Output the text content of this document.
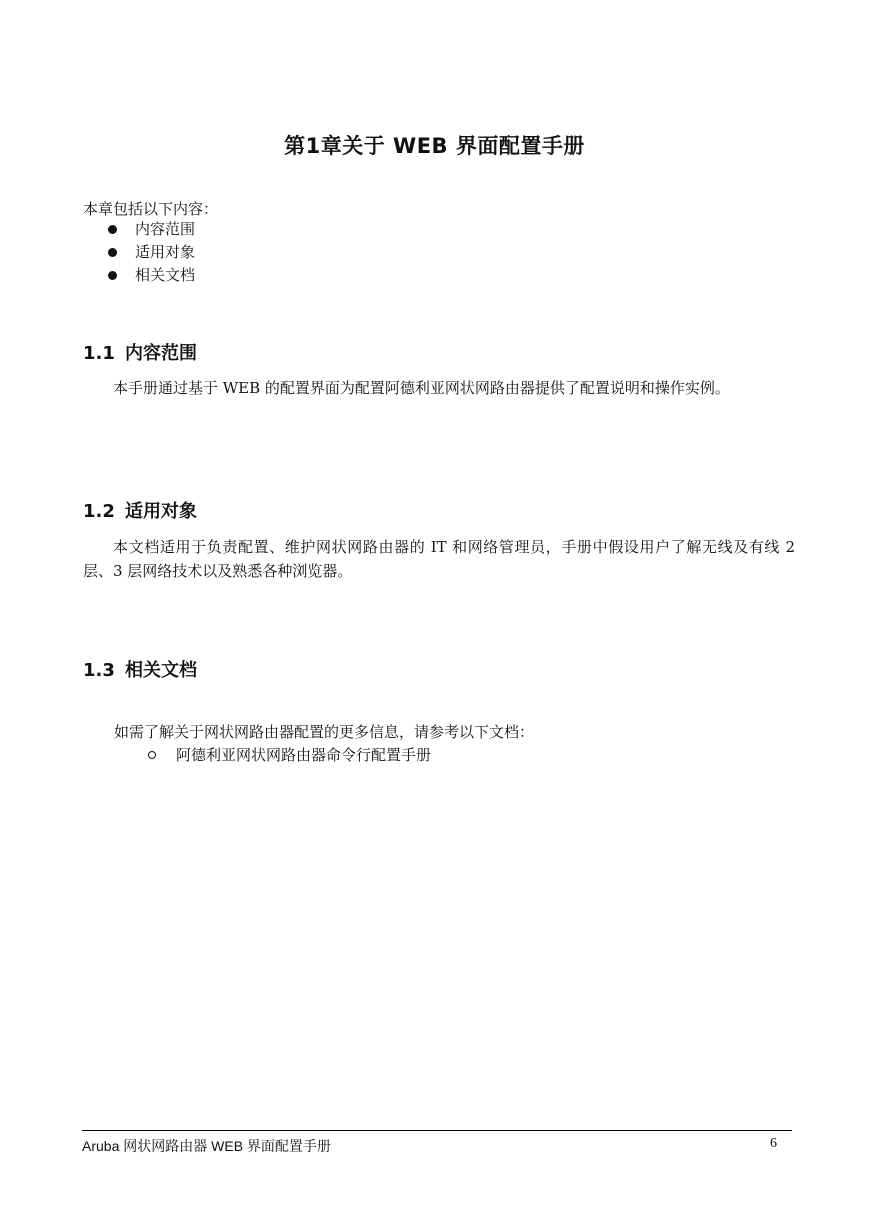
第1章关于 WEB 界面配置手册

本章包括以下内容：

内容范围
适用对象
相关文档
1.1 内容范围

本手册通过基于 WEB 的配置界面为配置阿德利亚网状网路由器提供了配置说明和操作实例。

1.2 适用对象

本文档适用于负责配置、维护网状网路由器的 IT 和网络管理员，手册中假设用户了解无线及有线 2 层、3 层网络技术以及熟悉各种浏览器。

1.3 相关文档

如需了解关于网状网路由器配置的更多信息，请参考以下文档：

阿德利亚网状网路由器命令行配置手册
Aruba 网状网路由器 WEB 界面配置手册	6
